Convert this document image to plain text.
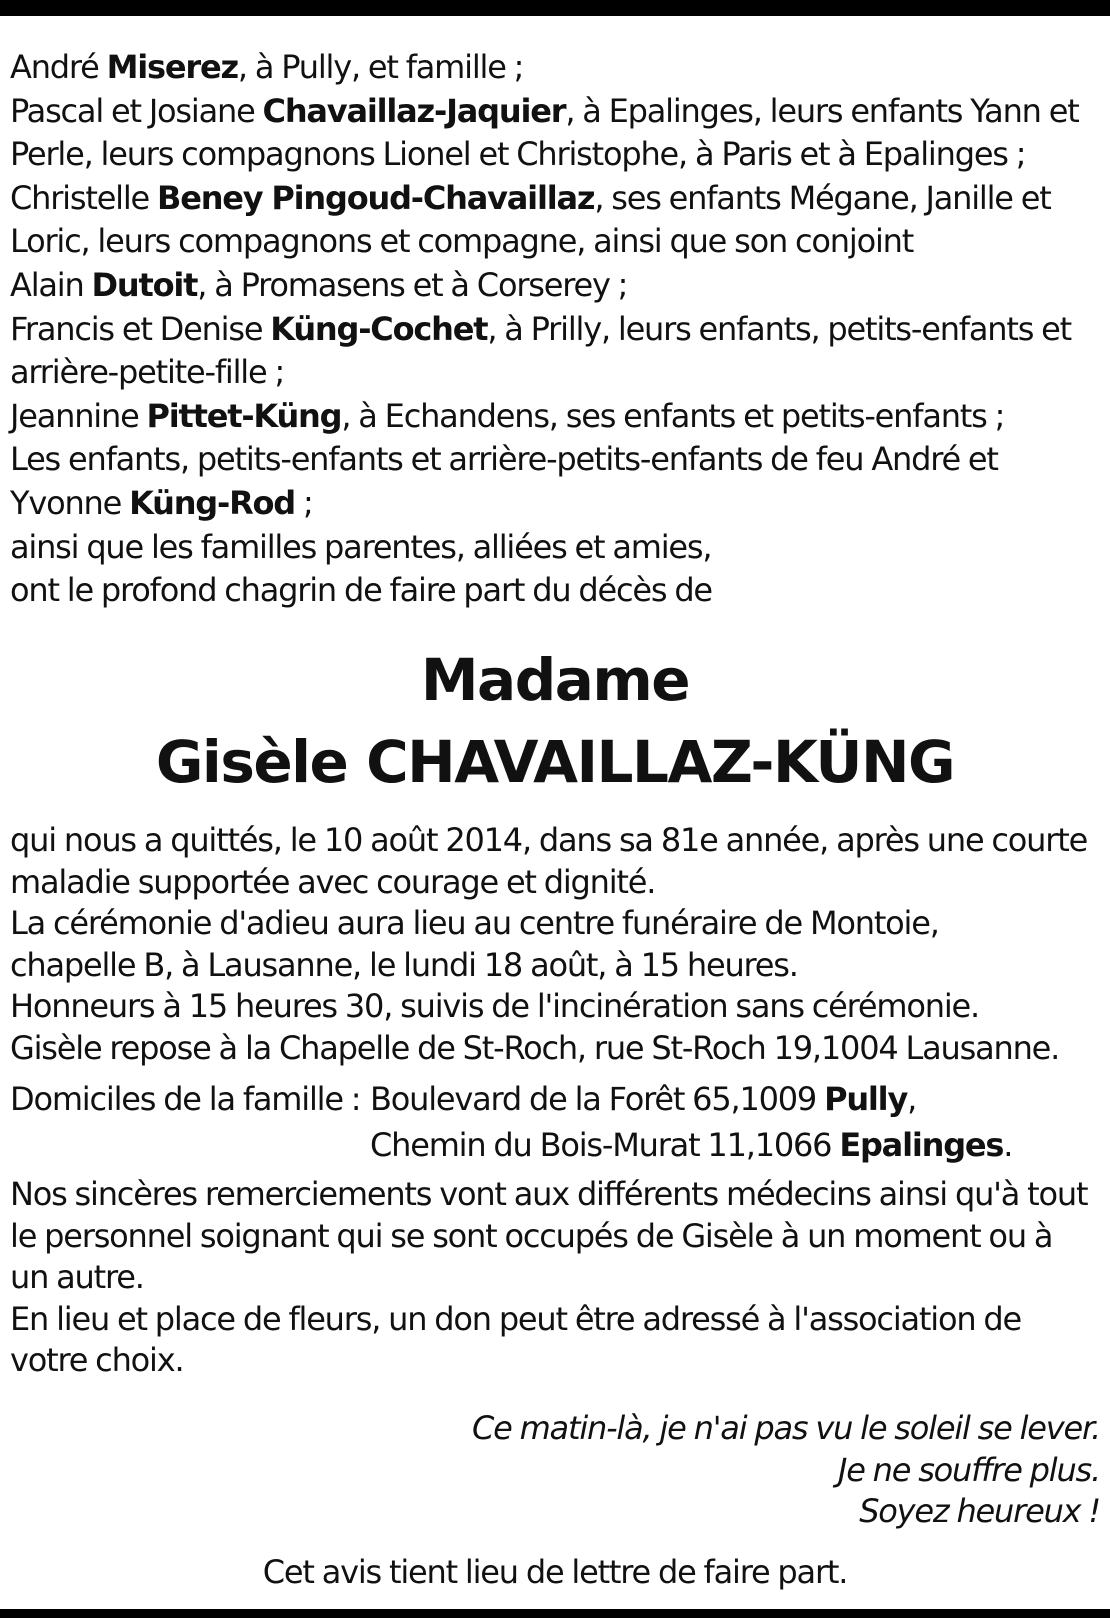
André Miserez, à Pully, et famille ;
Pascal et Josiane Chavaillaz-Jaquier, à Epalinges, leurs enfants Yann et
Perle, leurs compagnons Lionel et Christophe, à Paris et à Epalinges ;
Christelle Beney Pingoud-Chavaillaz, ses enfants Mégane, Janille et
Loric, leurs compagnons et compagne, ainsi que son conjoint
Alain Dutoit, à Promasens et à Corserey ;
Francis et Denise Küng-Cochet, à Prilly, leurs enfants, petits-enfants et
arrière-petite-fille ;
Jeannine Pittet-Küng, à Echandens, ses enfants et petits-enfants ;
Les enfants, petits-enfants et arrière-petits-enfants de feu André et
Yvonne Küng-Rod ;
ainsi que les familles parentes, alliées et amies,
ont le profond chagrin de faire part du décès de
Madame
Gisèle CHAVAILLAZ-KÜNG
qui nous a quittés, le 10 août 2014, dans sa 81e année, après une courte
maladie supportée avec courage et dignité.
La cérémonie d'adieu aura lieu au centre funéraire de Montoie,
chapelle B, à Lausanne, le lundi 18 août, à 15 heures.
Honneurs à 15 heures 30, suivis de l'incinération sans cérémonie.
Gisèle repose à la Chapelle de St-Roch, rue St-Roch 19,1004 Lausanne.
Domiciles de la famille : Boulevard de la Forêt 65,1009 Pully,
Chemin du Bois-Murat 11,1066 Epalinges.
Nos sincères remerciements vont aux différents médecins ainsi qu'à tout
le personnel soignant qui se sont occupés de Gisèle à un moment ou à
un autre.
En lieu et place de fleurs, un don peut être adressé à l'association de
votre choix.
Ce matin-là, je n'ai pas vu le soleil se lever.
Je ne souffre plus.
Soyez heureux !
Cet avis tient lieu de lettre de faire part.
